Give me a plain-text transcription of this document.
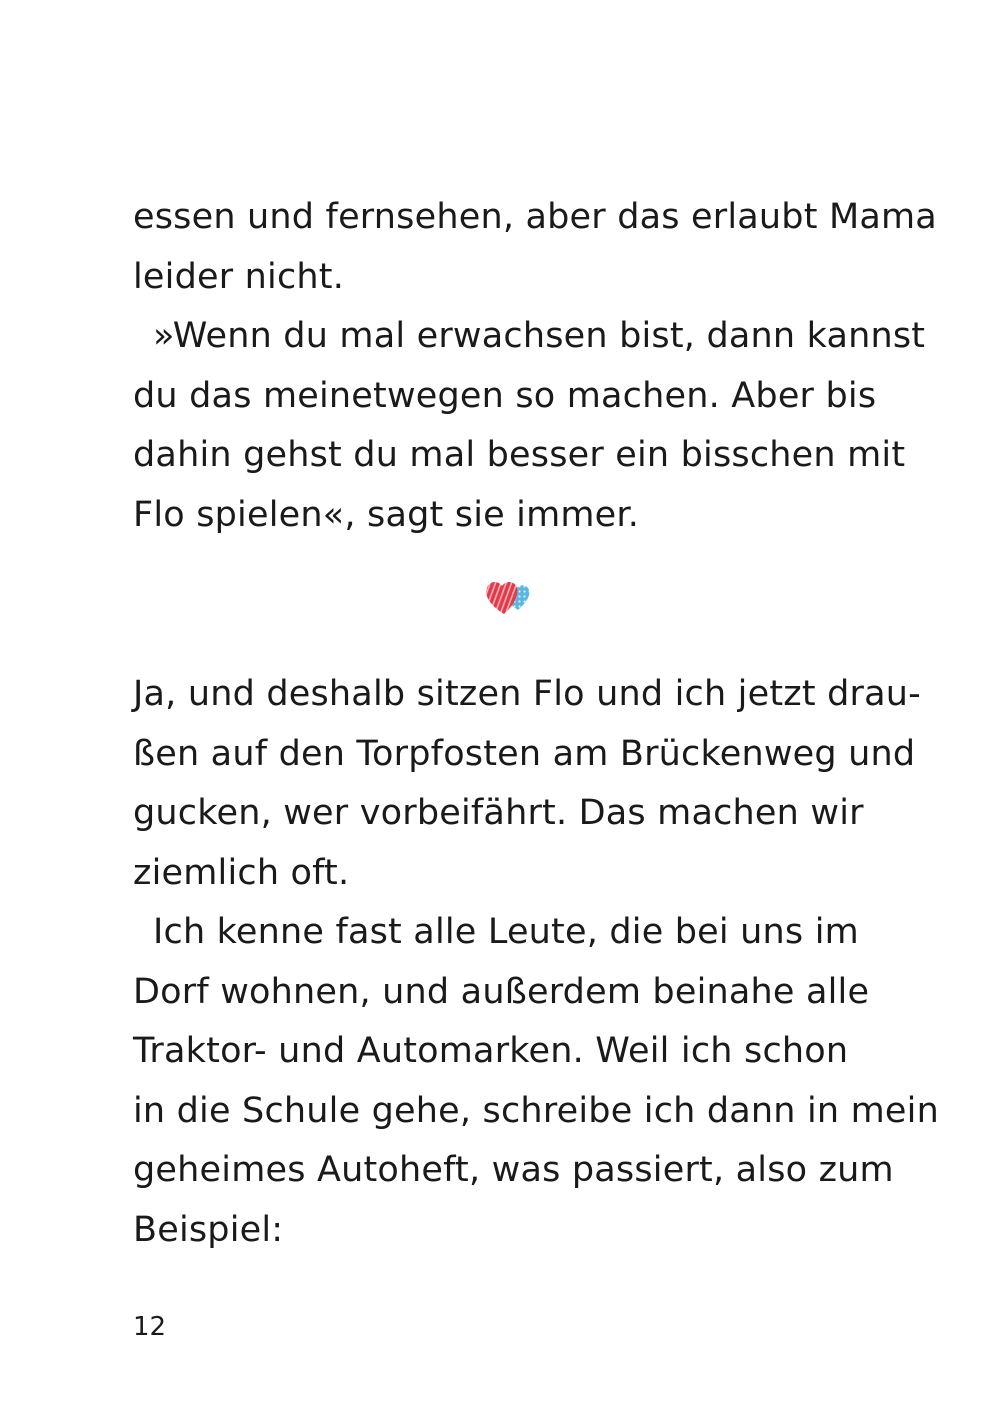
essen und fernsehen, aber das erlaubt Mama
leider nicht.
»Wenn du mal erwachsen bist, dann kannst
du das meinetwegen so machen. Aber bis
dahin gehst du mal besser ein bisschen mit
Flo spielen«, sagt sie immer.
Ja, und deshalb sitzen Flo und ich jetzt drau-
ßen auf den Torpfosten am Brückenweg und
gucken, wer vorbeifährt. Das machen wir
ziemlich oft.
Ich kenne fast alle Leute, die bei uns im
Dorf wohnen, und außerdem beinahe alle
Traktor- und Automarken. Weil ich schon
in die Schule gehe, schreibe ich dann in mein
geheimes Autoheft, was passiert, also zum
Beispiel:
12
